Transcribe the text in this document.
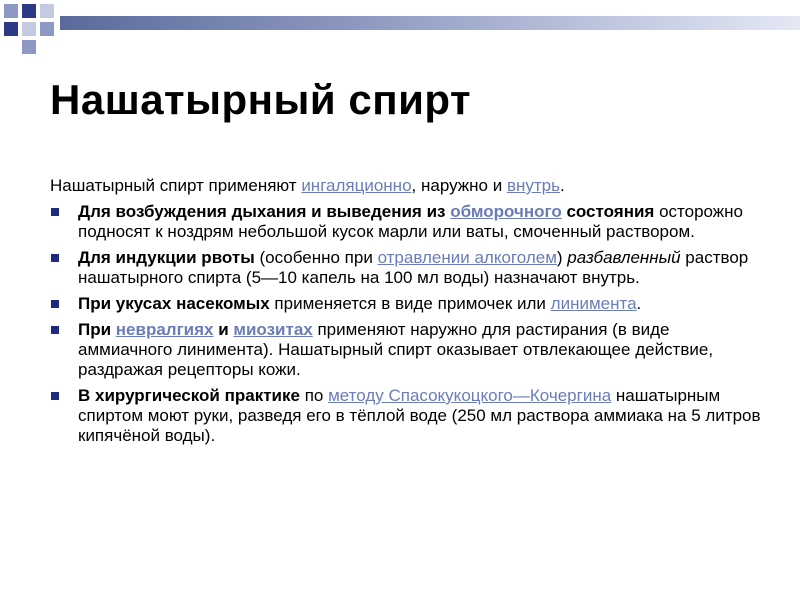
Нашатырный спирт

Нашатырный спирт применяют ингаляционно, наружно и внутрь.

Для возбуждения дыхания и выведения из обморочного состояния осторожно подносят к ноздрям небольшой кусок марли или ваты, смоченный раствором.
Для индукции рвоты (особенно при отравлении алкоголем) разбавленный раствор нашатырного спирта (5—10 капель на 100 мл воды) назначают внутрь.
При укусах насекомых применяется в виде примочек или линимента.
При невралгиях и миозитах применяют наружно для растирания (в виде аммиачного линимента). Нашатырный спирт оказывает отвлекающее действие, раздражая рецепторы кожи.
В хирургической практике по методу Спасокукоцкого—Кочергина нашатырным спиртом моют руки, разведя его в тёплой воде (250 мл раствора аммиака на 5 литров кипячёной воды).
